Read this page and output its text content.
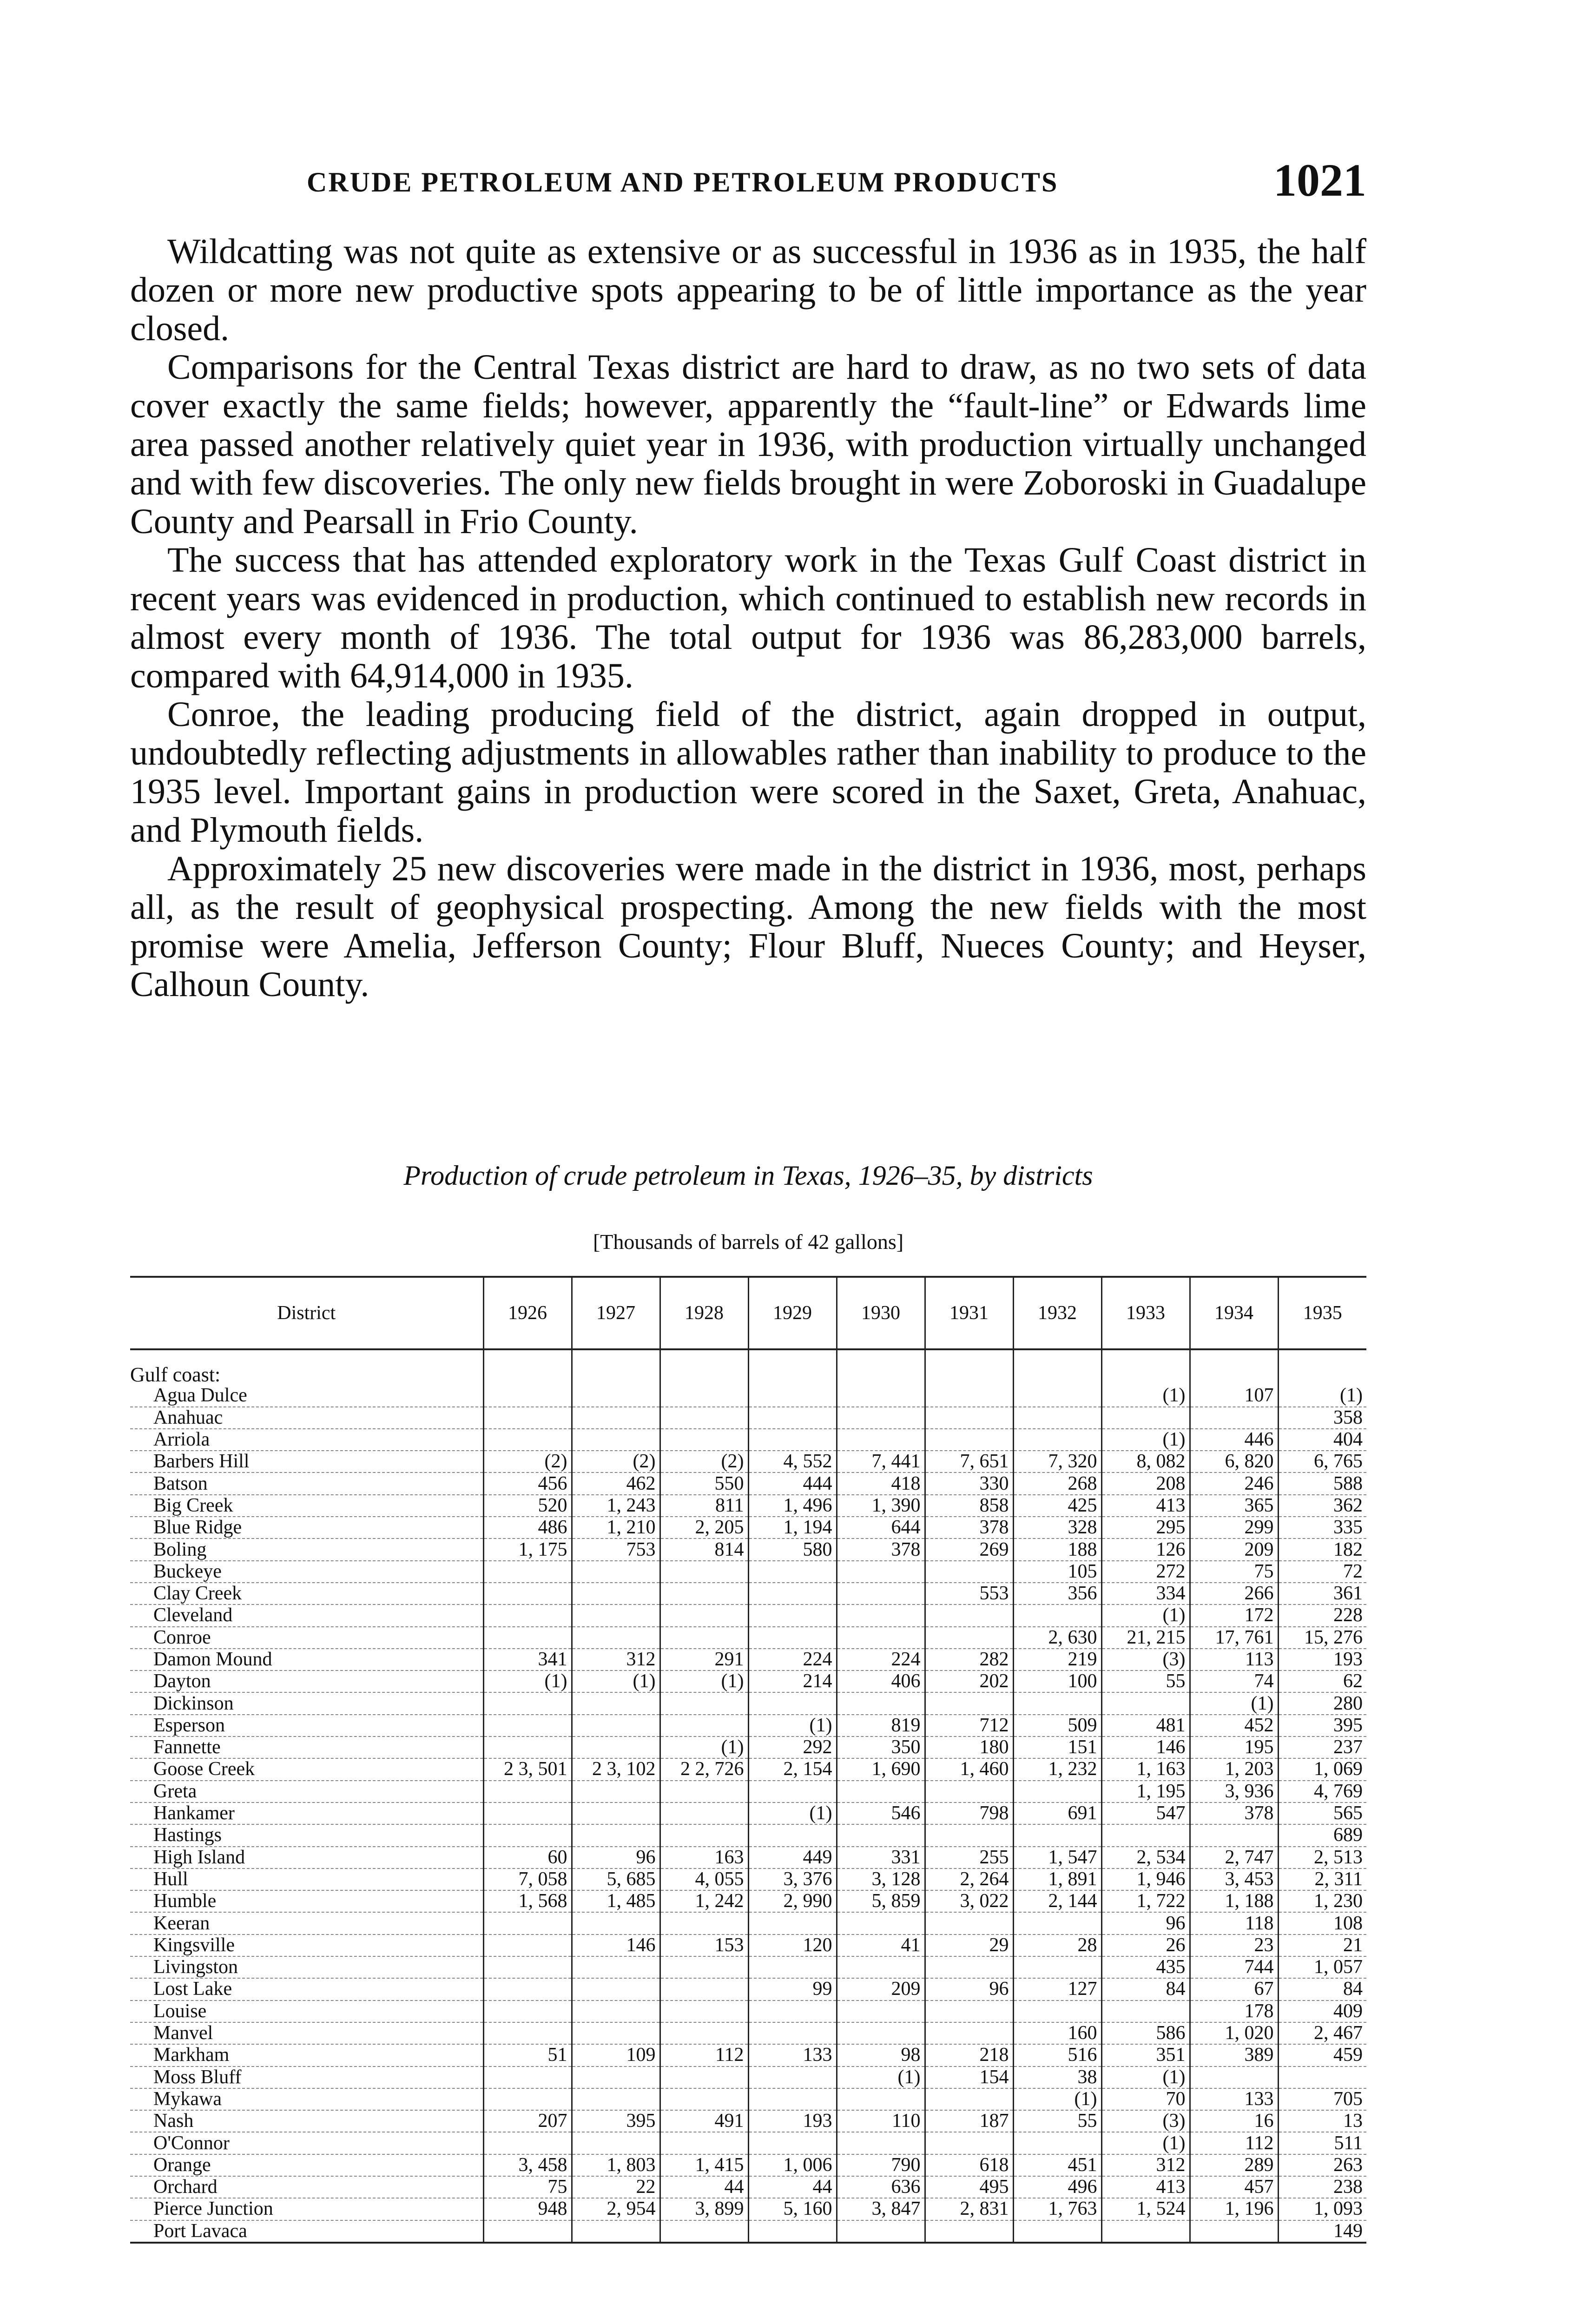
CRUDE PETROLEUM AND PETROLEUM PRODUCTS	1021

Wildcatting was not quite as extensive or as successful in 1936 as in 1935, the half dozen or more new productive spots appearing to be of little importance as the year closed.

Comparisons for the Central Texas district are hard to draw, as no two sets of data cover exactly the same fields; however, apparently the “fault-line” or Edwards lime area passed another relatively quiet year in 1936, with production virtually unchanged and with few discoveries. The only new fields brought in were Zoboroski in Guadalupe County and Pearsall in Frio County.

The success that has attended exploratory work in the Texas Gulf Coast district in recent years was evidenced in production, which continued to establish new records in almost every month of 1936. The total output for 1936 was 86,283,000 barrels, compared with 64,914,000 in 1935.

Conroe, the leading producing field of the district, again dropped in output, undoubtedly reflecting adjustments in allowables rather than inability to produce to the 1935 level. Important gains in production were scored in the Saxet, Greta, Anahuac, and Plymouth fields.

Approximately 25 new discoveries were made in the district in 1936, most, perhaps all, as the result of geophysical prospecting. Among the new fields with the most promise were Amelia, Jefferson County; Flour Bluff, Nueces County; and Heyser, Calhoun County.

Production of crude petroleum in Texas, 1926–35, by districts
[Thousands of barrels of 42 gallons]
District	1926	1927	1928	1929	1930	1931	1932	1933	1934	1935
Gulf coast:										
Agua Dulce								(1)	107	(1)
Anahuac										358
Arriola								(1)	446	404
Barbers Hill	(2)	(2)	(2)	4, 552	7, 441	7, 651	7, 320	8, 082	6, 820	6, 765
Batson	456	462	550	444	418	330	268	208	246	588
Big Creek	520	1, 243	811	1, 496	1, 390	858	425	413	365	362
Blue Ridge	486	1, 210	2, 205	1, 194	644	378	328	295	299	335
Boling	1, 175	753	814	580	378	269	188	126	209	182
Buckeye							105	272	75	72
Clay Creek						553	356	334	266	361
Cleveland								(1)	172	228
Conroe							2, 630	21, 215	17, 761	15, 276
Damon Mound	341	312	291	224	224	282	219	(3)	113	193
Dayton	(1)	(1)	(1)	214	406	202	100	55	74	62
Dickinson									(1)	280
Esperson				(1)	819	712	509	481	452	395
Fannette			(1)	292	350	180	151	146	195	237
Goose Creek	2 3, 501	2 3, 102	2 2, 726	2, 154	1, 690	1, 460	1, 232	1, 163	1, 203	1, 069
Greta								1, 195	3, 936	4, 769
Hankamer				(1)	546	798	691	547	378	565
Hastings										689
High Island	60	96	163	449	331	255	1, 547	2, 534	2, 747	2, 513
Hull	7, 058	5, 685	4, 055	3, 376	3, 128	2, 264	1, 891	1, 946	3, 453	2, 311
Humble	1, 568	1, 485	1, 242	2, 990	5, 859	3, 022	2, 144	1, 722	1, 188	1, 230
Keeran								96	118	108
Kingsville		146	153	120	41	29	28	26	23	21
Livingston								435	744	1, 057
Lost Lake				99	209	96	127	84	67	84
Louise									178	409
Manvel							160	586	1, 020	2, 467
Markham	51	109	112	133	98	218	516	351	389	459
Moss Bluff					(1)	154	38	(1)		
Mykawa							(1)	70	133	705
Nash	207	395	491	193	110	187	55	(3)	16	13
O'Connor								(1)	112	511
Orange	3, 458	1, 803	1, 415	1, 006	790	618	451	312	289	263
Orchard	75	22	44	44	636	495	496	413	457	238
Pierce Junction	948	2, 954	3, 899	5, 160	3, 847	2, 831	1, 763	1, 524	1, 196	1, 093
Port Lavaca										149
